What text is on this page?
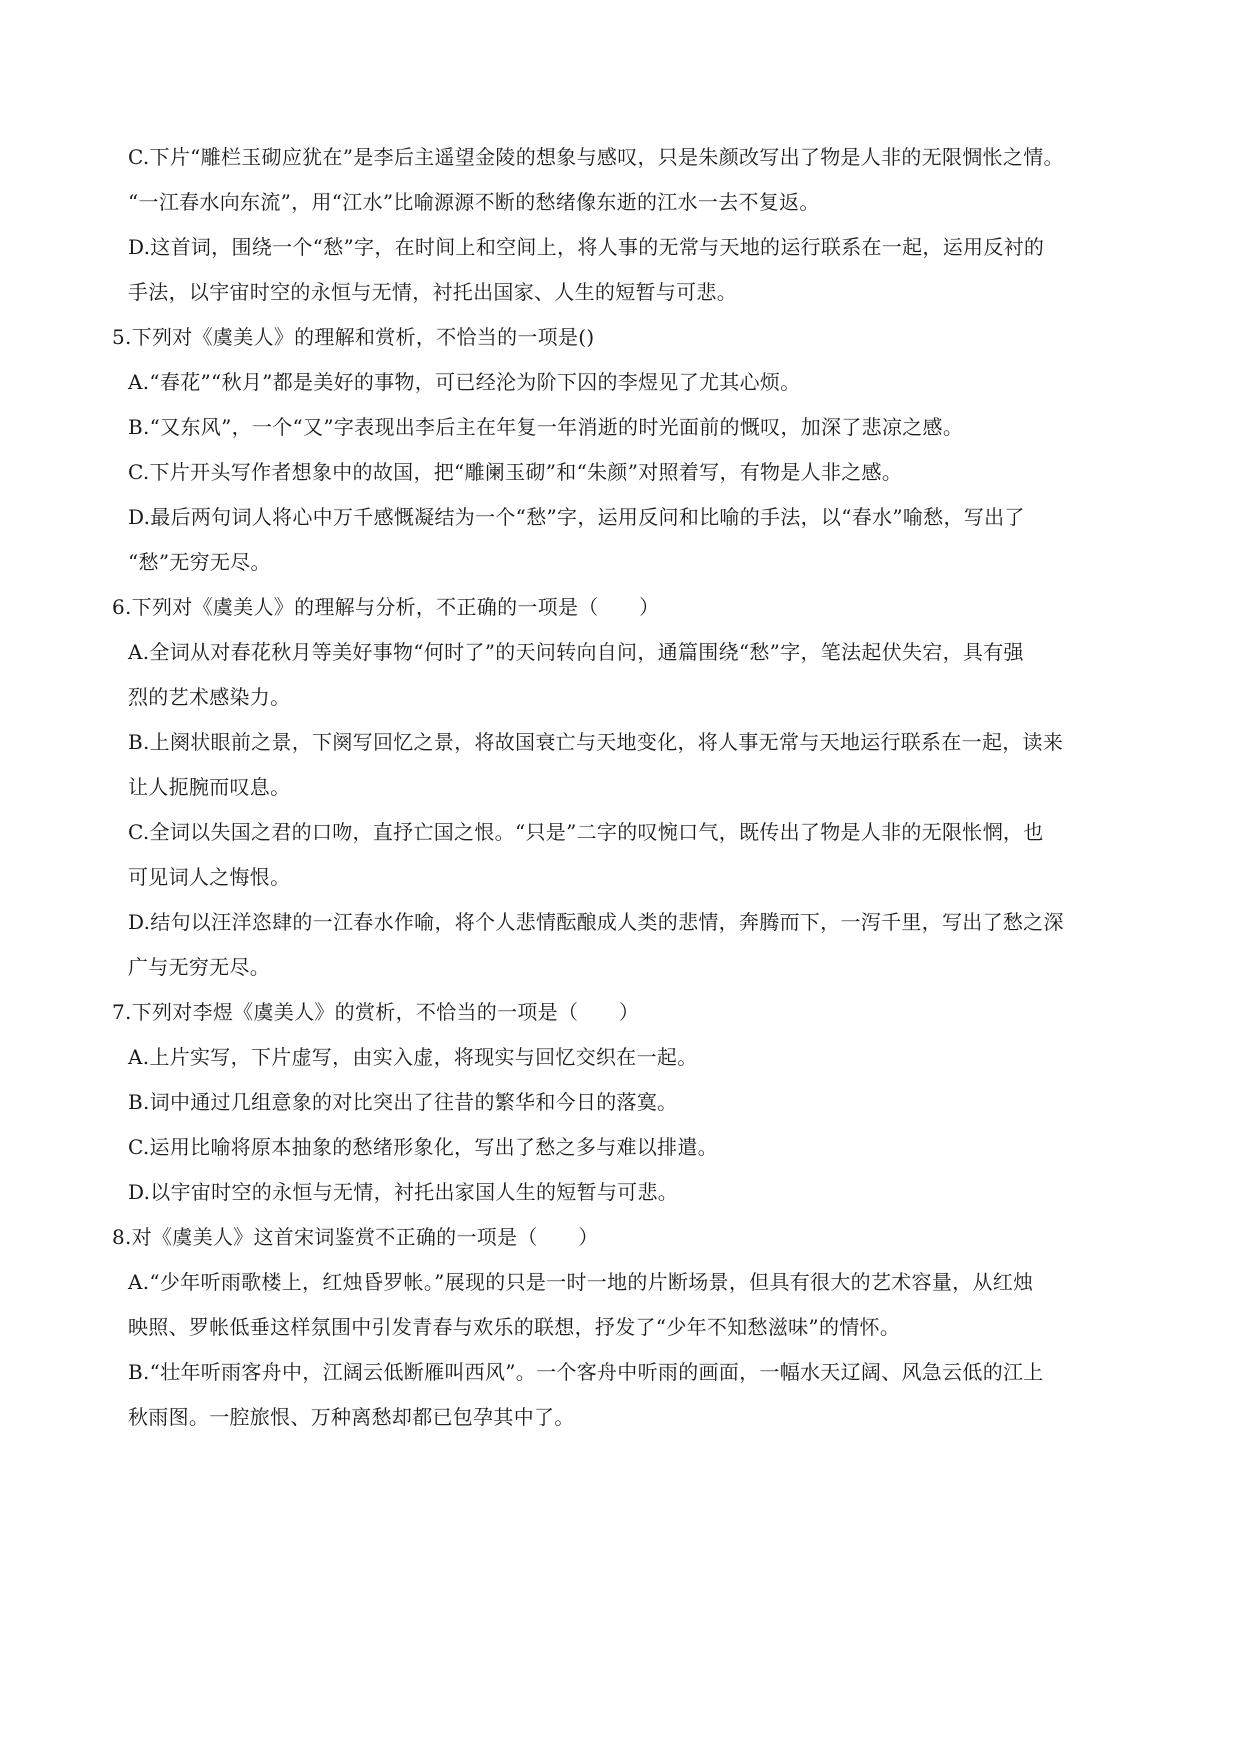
C.下片“雕栏玉砌应犹在”是李后主遥望金陵的想象与感叹，只是朱颜改写出了物是人非的无限惆怅之情。
“一江春水向东流”，用“江水”比喻源源不断的愁绪像东逝的江水一去不复返。
D.这首词，围绕一个“愁”字，在时间上和空间上，将人事的无常与天地的运行联系在一起，运用反衬的
手法，以宇宙时空的永恒与无情，衬托出国家、人生的短暂与可悲。
5.下列对《虞美人》的理解和赏析，不恰当的一项是()
A.“春花”“秋月”都是美好的事物，可已经沦为阶下囚的李煜见了尤其心烦。
B.“又东风”，一个“又”字表现出李后主在年复一年消逝的时光面前的慨叹，加深了悲凉之感。
C.下片开头写作者想象中的故国，把“雕阑玉砌”和“朱颜”对照着写，有物是人非之感。
D.最后两句词人将心中万千感慨凝结为一个“愁”字，运用反问和比喻的手法，以“春水”喻愁，写出了
“愁”无穷无尽。
6.下列对《虞美人》的理解与分析，不正确的一项是（　　）
A.全词从对春花秋月等美好事物“何时了”的天问转向自问，通篇围绕“愁”字，笔法起伏失宕，具有强
烈的艺术感染力。
B.上阕状眼前之景，下阕写回忆之景，将故国衰亡与天地变化，将人事无常与天地运行联系在一起，读来
让人扼腕而叹息。
C.全词以失国之君的口吻，直抒亡国之恨。“只是”二字的叹惋口气，既传出了物是人非的无限怅惘，也
可见词人之悔恨。
D.结句以汪洋恣肆的一江春水作喻，将个人悲情酝酿成人类的悲情，奔腾而下，一泻千里，写出了愁之深
广与无穷无尽。
7.下列对李煜《虞美人》的赏析，不恰当的一项是（　　）
A.上片实写，下片虚写，由实入虚，将现实与回忆交织在一起。
B.词中通过几组意象的对比突出了往昔的繁华和今日的落寞。
C.运用比喻将原本抽象的愁绪形象化，写出了愁之多与难以排遣。
D.以宇宙时空的永恒与无情，衬托出家国人生的短暂与可悲。
8.对《虞美人》这首宋词鉴赏不正确的一项是（　　）
A.“少年听雨歌楼上，红烛昏罗帐。”展现的只是一时一地的片断场景，但具有很大的艺术容量，从红烛
映照、罗帐低垂这样氛围中引发青春与欢乐的联想，抒发了“少年不知愁滋味”的情怀。
B.“壮年听雨客舟中，江阔云低断雁叫西风”。一个客舟中听雨的画面，一幅水天辽阔、风急云低的江上
秋雨图。一腔旅恨、万种离愁却都已包孕其中了。
